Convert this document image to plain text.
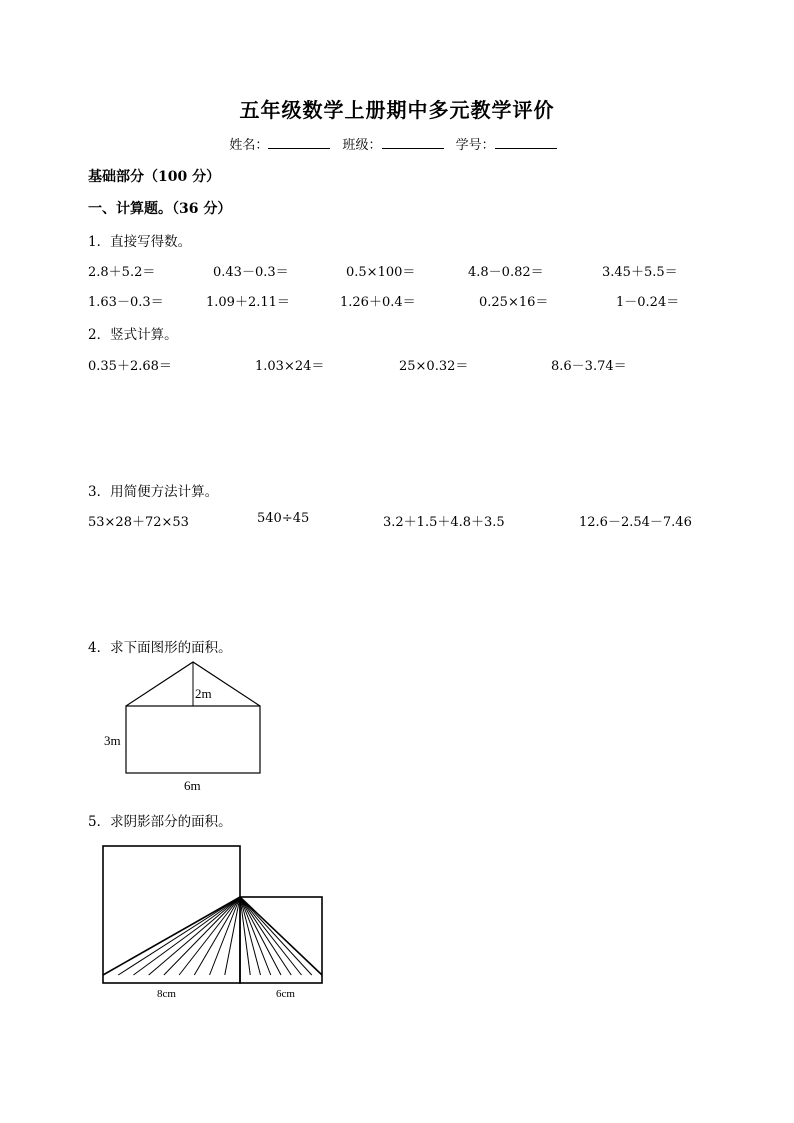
五年级数学上册期中多元教学评价
姓名：	班级：	学号：
基础部分（100 分）
一、计算题。（36 分）
1．直接写得数。
2.8＋5.2＝	0.43－0.3＝	0.5×100＝	4.8－0.82＝	3.45＋5.5＝
1.63－0.3＝	1.09＋2.11＝	1.26＋0.4＝	0.25×16＝	1－0.24＝
2．竖式计算。
0.35＋2.68＝	1.03×24＝	25×0.32＝	8.6－3.74＝
3．用简便方法计算。
53×28＋72×53	540÷45	3.2＋1.5＋4.8＋3.5	12.6－2.54－7.46
4．求下面图形的面积。
2m
3m
6m
5．求阴影部分的面积。
8cm	6cm
